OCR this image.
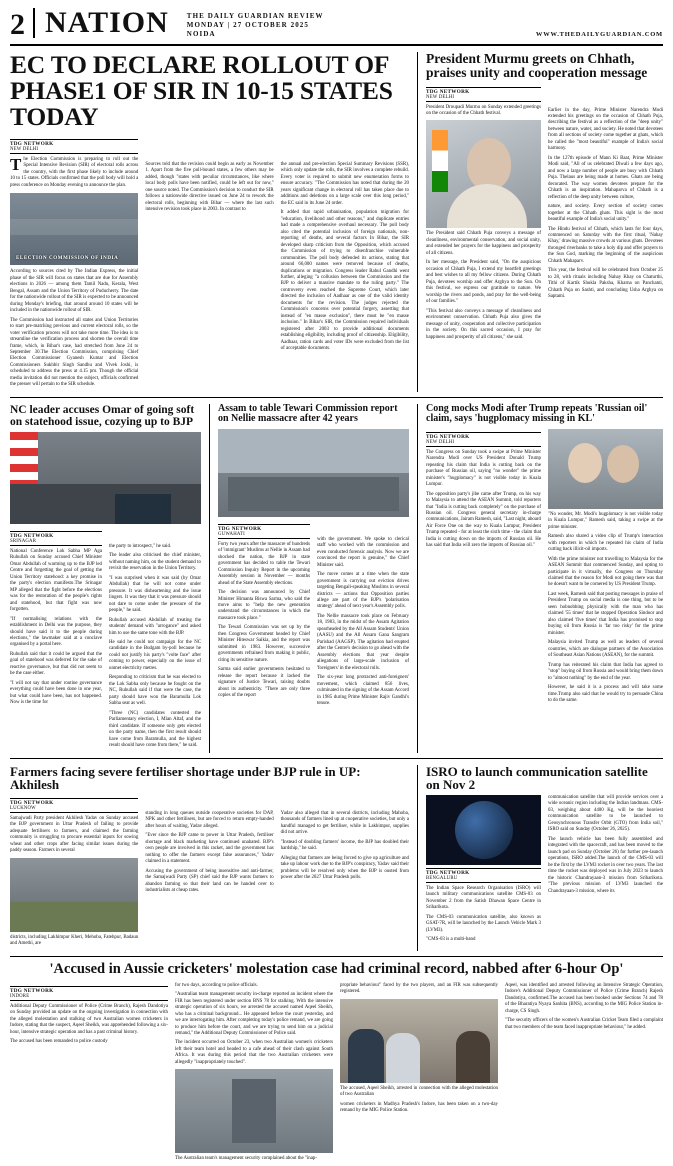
2 NATION	THE DAILY GUARDIAN REVIEW
MONDAY | 27 OCTOBER 2025
NOIDA	WWW.THEDAILYGUARDIAN.COM
EC TO DECLARE ROLLOUT OF PHASE1 OF SIR IN 10-15 STATES TODAY
TDG NETWORK
NEW DELHI

The Election Commission is preparing to roll out the Special Intensive Revision (SIR) of electoral rolls across the country, with the first phase likely to include around 10 to 15 states. Officials confirmed that the poll body will hold a press conference on Monday evening to announce the plan.

ELECTION COMMISSION OF INDIA

According to sources cited by The Indian Express, the initial phase of the SIR will focus on states that are due for Assembly elections in 2026 — among them Tamil Nadu, Kerala, West Bengal, Assam and the Union Territory of Puducherry. The date for the nationwide rollout of the SIR is expected to be announced during Monday's briefing, that around around 10 states will be included in the nationwide rollout of SIR.

The Commission had instructed all states and Union Territories to start pre-matching previous and current electoral rolls, so the voter verification process will not take more time. The idea is to streamline the verification process and shorten the overall time frame, which, in Bihar's case, had stretched from June 24 to September 30.The Election Commission, comprising Chief Election Commissioner Gyanesh Kumar and Election Commissioners Sukhbir Singh Sandhu and Vivek Joshi, is scheduled to address the press at 4.15 pm. Though the official media invitation did not mention the subject, officials confirmed the presser will pertain to the SIR schedule.

Sources told that the revision could begin as early as November 1. Apart from the five poll-bound states, a few others may be added, though "states with peculiar circumstances, like where local body polls have been notified, could be left out for now," one source noted. The Commission's decision to conduct the SIR follows a nationwide directive issued on June 24 to rework the electoral rolls, beginning with Bihar — where the last such intensive revision took place in 2003. In contrast to

the annual and pre-election Special Summary Revisions (SSR), which only update the rolls, the SIR involves a complete rebuild. Every voter is required to submit new enumeration forms to ensure accuracy. "The Commission has noted that during the 20 years significant change in electoral roll has taken place due to additions and deletions on a large scale over this long period," the EC said in its June 24 order.

It added that rapid urbanisation, population migration for "education, livelihood and other reasons," and duplicate entries had made a comprehensive overhaul necessary. The poll body also cited the potential inclusion of foreign nationals, non-reporting of deaths, and several factors In Bihar, the SIR developed sharp criticism from the Opposition, which accused the Commission of trying to disenfranchise vulnerable communities. The poll body defended its actions, stating that around 66,000 names were removed because of deaths, duplications or migration. Congress leader Rahul Gandhi went further, alleging "a collusion between the Commission and the BJP to deliver a massive mandate to the ruling party." The controversy even reached the Supreme Court, which later directed the inclusion of Aadhaar as one of the valid identity documents for the revision. The judges rejected the Commission's concerns over potential forgery, asserting that instead of "en masse exclusion", there must be "en masse inclusion." In Bihar's SIR, the Commission required individuals registered after 2003 to provide additional documents establishing eligibility, including proof of citizenship. Eligibility, Aadhaar, ration cards and voter IDs were excluded from the list of acceptable documents.

President Murmu greets on Chhath, praises unity and cooperation message
TDG NETWORK
NEW DELHI

President Droupadi Murmu on Sunday extended greetings on the occasion of the Chhath festival.

The President said Chhath Puja conveys a message of cleanliness, environmental conservation, and social unity, and extended her prayers for the happiness and prosperity of all citizens.

In her message, the President said, "On the auspicious occasion of Chhath Puja, I extend my heartfelt greetings and best wishes to all my fellow citizens. During Chhath Puja, devotees worship and offer Arghya to the Sun. On this festival, we express our gratitude to nature. We worship the rivers and ponds, and pray for the well-being of our families."

"This festival also conveys a message of cleanliness and environment conservation. Chhath Puja also gives the message of unity, cooperation and collective participation in the society. On this sacred occasion, I pray for happiness and prosperity of all citizens," she said.

Earlier in the day, Prime Minister Narendra Modi extended his greetings on the occasion of Chhath Puja, describing the festival as a reflection of the "deep unity" between nature, water, and society. He noted that devotees from all sections of society come together at ghats, which he called the "most beautiful" example of India's social harmony.

In the 127th episode of Mann Ki Baat, Prime Minister Modi said, "All of us celebrated Diwali a few days ago, and now a large number of people are busy with Chhath Puja. Thelaus are being made at homes. Ghats are being decorated. The way women devotees prepare for the Chhath is an inspiration. Mahaparva of Chhath is a reflection of the deep unity between culture,

nature, and society. Every section of society comes together at the Chhath ghats. This sight is the most beautiful example of India's social unity."

The Hindu festival of Chhath, which lasts for four days, commenced on Saturday with the first ritual, 'Nahay Khay,' drawing massive crowds at various ghats. Devotees thronged riverbanks to take a holy dip and offer prayers to the Sun God, marking the beginning of the auspicious Chhath Mahaparv.

This year, the festival will be celebrated from October 25 to 28, with rituals including Nahay Khay on Chaturthi, Tithi of Kartik Shukla Paksha, Kharna on Panchami, Chhath Puja on Sashti, and concluding Usha Arghya on Saptami.

NC leader accuses Omar of going soft on statehood issue, cozying up to BJP
TDG NETWORK
SRINAGAR

National Conference Lok Sabha MP Aga Ruhullah on Sunday accused Chief Minister Omar Abdullah of warming up to the BJP led Centre and forgetting the goal of getting the Union Territory statehood: a key promise in the party's election manifesto.The Srinagar MP alleged that the fight before the elections was for the restoration of the people's rights and statehood, but that fight was now forgotten.

"If normalising relations with the establishment in Delhi was the purpose, they should have said it to the people during elections," the lawmaker said at a conclave organised by a portal here.

Ruhullah said that it could be argued that the goal of statehood was deferred for the sake of reactive governance, but that did not seem to be the case either.

"I will not say that under routine governance everything could have been done in one year, but what could have been, has not happened. Now is the time for

the party to introspect," he said.

The leader also criticised the chief minister, without naming him, on the student demand to revisit the reservation in the Union Territory.

"I was surprised when it was said (by Omar Abdullah) that he will not come under pressure. It was disheartening and the issue lingers. It was they that it was pressure should not dare to come under the pressure of the people," he said.

Ruhullah accused Abdullah of treating the students' demand with "arrogance" and asked him to use the same tone with the BJP.

He said he could not campaign for the NC candidate in the Budgam by-poll because he could not justify his party's "volte face" after coming to power, especially on the issue of unmet electricity metres.

Responding to criticism that he was elected to the Lok Sabha only because he fought on the NC, Ruhullah said if that were the case, the party should have won the Baramulla Lok Sabha seat as well.

"Three (NC) candidates contested the Parliamentary election, I, Mian Altaf, and the third candidate. If someone only gets elected on the party name, then the first result should have come from Baramulla, and the highest result should have come from there," he said.

Assam to table Tewari Commission report on Nellie massacre after 42 years
TDG NETWORK
GUWAHATI

Forty two years after the massacre of hundreds of 'immigrant' Muslims at Nellie in Assam had shocked the nation, the BJP in state government has decided to table the Tewari Commission Inquiry Report in the upcoming Assembly session in November — months ahead of the State Assembly elections.

The decision was announced by Chief Minister Himanta Biswa Sarma, who said the move aims to "help the new generation understand the circumstances in which the massacre took place."

The Tewari Commission was set up by the then Congress Government headed by Chief Minister Hiteswar Saikia, and the report was submitted in 1983. However, successive governments refrained from making it public, citing its sensitive nature.

Sarma said earlier governments hesitated to release the report because it lacked the signature of Justice Tewari, raising doubts about its authenticity. "There are only three copies of the report

with the government. We spoke to clerical staff who worked with the commission and even conducted forensic analysis. Now we are convinced the report is genuine," the Chief Minister said.

The move comes at a time when the state government is carrying out eviction drives targeting Bengali-speaking Muslims in several districts — actions that Opposition parties allege are part of the BJP's 'polarisation strategy' ahead of next year's Assembly polls.

The Nellie massacre took place on February 18, 1983, in the midst of the Assam Agitation spearheaded by the All Assam Students' Union (AASU) and the All Assam Gana Sangram Parishad (AAGSP). The agitation had erupted after the Centre's decision to go ahead with the Assembly elections that year despite allegations of large-scale inclusion of 'foreigners' in the electoral rolls.

The six-year long protracted anti-foreigners' movement, which claimed 856 lives, culminated in the signing of the Assam Accord in 1985 during Prime Minister Rajiv Gandhi's tenure.

Cong mocks Modi after Trump repeats 'Russian oil' claim, says 'hugplomacy missing in KL'
TDG NETWORK
NEW DELHI

The Congress on Sunday took a swipe at Prime Minister Narendra Modi over US President Donald Trump repeating his claim that India is cutting back on the purchase of Russian oil, saying "no wonder" the prime minister's "hugplomacy" is not visible today in Kuala Lumpur.

The opposition party's jibe came after Trump, on his way to Malaysia to attend the ASEAN Summit, told reporters that "India is cutting back completely" on the purchase of Russian oil. Congress general secretary in-charge communications, Jairam Ramesh, said, "Last night, aboard Air Force One on the way to Kuala Lumpur, President Trump repeated - for at least the sixth time - the claim that India is cutting down on the imports of Russian oil. He has said that India will zero the imports of Russian oil."

"No wonder, Mr. Modi's hugplomacy is not visible today in Kuala Lumpur," Ramesh said, taking a swipe at the prime minister.

Ramesh also shared a video clip of Trump's interaction with reporters in which he repeated his claim of India cutting back illicit-oil imports.

With the prime minister not travelling to Malaysia for the ASEAN Summit that commenced Sunday, and opting to participate in it virtually, the Congress on Thursday claimed that the reason for Modi not going there was that he doesn't want to be cornered by US President Trump.

Last week, Ramesh said that posting messages in praise of President Trump on social media is one thing, but to be seen hobnobbing physically with the man who has claimed '55 times' that he stopped Operation Sindoor and also claimed 'five times' that India has promised to stop buying oil from Russia is 'far too risky' for the prime minister.

Malaysia invited Trump as well as leaders of several countries, which are dialogue partners of the Association of Southeast Asian Nations (ASEAN), for the summit.

Trump has reiterated his claim that India has agreed to "stop" buying oil from Russia and would bring them down to "almost nothing" by the end of the year.

However, he said it is a process and will take some time.Trump also said that he would try to persuade China to do the same.

Farmers facing severe fertiliser shortage under BJP rule in UP: Akhilesh
TDG NETWORK
LUCKNOW

Samajwadi Party president Akhilesh Yadav on Sunday accused the BJP government in Uttar Pradesh of failing to provide adequate fertilisers to farmers, and claimed the farming community is struggling to procure essential inputs for sowing wheat and other crops after facing similar issues during the paddy season. Farmers in several

districts, including Lakhimpur Kheri, Mehoba, Fatehpur, Badaun and Amethi, are

standing in long queues outside cooperative societies for DAP, NPK and other fertilisers, but are forced to return empty-handed after hours of waiting, Yadav alleged.

"Ever since the BJP came to power in Uttar Pradesh, fertiliser shortage and black marketing have continued unabated. BJP's own people are involved in this racket, and the government has nothing to offer the farmers except false assurances," Yadav claimed in a statement.

Accusing the government of being insensitive and anti-farmer, the Samajwadi Party (SP) chief said the BJP wants farmers to abandon farming so that their land can be handed over to industrialists at cheap rates.

Yadav also alleged that in several districts, including Mahoba, thousands of farmers lined up at cooperative societies, but only a handful managed to get fertiliser, while in Lakhimpur, supplies did not arrive.

"Instead of doubling farmers' income, the BJP has doubled their hardship," he said.

Alleging that farmers are being forced to give up agriculture and take up labour work due to the BJP's conspiracy, Yadav said their problems will be resolved only when the BJP is ousted from power after the 2027 Uttar Pradesh polls.

ISRO to launch communication satellite on Nov 2
TDG NETWORK
BENGALURU

The Indian Space Research Organisation (ISRO) will launch military communications satellite CMS-03 on November 2 from the Satish Dhawan Space Centre in Sriharikota.

The CMS-03 communication satellite, also known as GSAT-7R, will be launched by the Launch Vehicle Mark 3 (LVM3).

"CMS-03 is a multi-band

communication satellite that will provide services over a wide oceanic region including the Indian landmass. CMS-03, weighing about 4400 Kg, will be the heaviest communication satellite to be launched to Geosynchronous Transfer Orbit (GTO) from India soil," ISRO said on Sunday (October 26, 2025).

The launch vehicle has been fully assembled and integrated with the spacecraft, and has been moved to the launch pad on Sunday (October 26) for further pre-launch operations, ISRO added.The launch of the CMS-03 will be the first by the LVM3 rocket in over two years. The last time the rocket was deployed was in July 2023 to launch the historic Chandrayaan-3 mission from Sriharikota. "The previous mission of LVM3 launched the Chandrayaan-3 mission, where its

'Accused in Aussie cricketers' molestation case had criminal record, nabbed after 6-hour Op'
TDG NETWORK
INDORE

Additional Deputy Commissioner of Police (Crime Branch), Rajesh Dandotiya on Sunday provided an update on the ongoing investigation in connection with the alleged molestation and stalking of two Australian women cricketers in Indore, stating that the suspect, Aqeel Sheikh, was apprehended following a six-hour, intensive strategic operation and has a past criminal history.

The accused has been remanded to police custody

for two days, according to police officials.

"Australian team management security in-charge reported an incident where the FIR has been registered under section BNS 78 for stalking. With the intensive strategic operation of six hours, we arrested the accused named Aqeel Sheikh, who has a criminal background... He appeared before the court yesterday, and we are interrogating him. After completing today's police remand, we are going to produce him before the court, and we are trying to send him on a judicial remand," the Additional Deputy Commissioner of Police said.

The incident occurred on October 23, when two Australian women's cricketers left their team hotel and headed to a cafe ahead of their clash against South Africa. It was during this period that the two Australian cricketers were allegedly "inappropriately touched".

The Australian team's management security complained about the "inap-

propriate behaviour" faced by the two players, and an FIR was subsequently registered.

The accused, Aqeel Sheikh, arrested in connection with the alleged molestation of two Australian

women cricketers in Madhya Pradesh's Indore, has been taken on a two-day remand by the MIG Police Station.

Aqeel, was identified and arrested following an Intensive Strategic Operation, Indore's Additional Deputy Commissioner of Police (Crime Branch) Rajesh Dandotiya, confirmed.The accused has been booked under Sections 74 and 78 of the Bharatiya Nyaya Sanhita (BNS), according to the MIG Police Station in-charge, CS Singh.

"The security officers of the women's Australian Cricket Team filed a complaint that two members of the team faced inappropriate behaviour," he added.
